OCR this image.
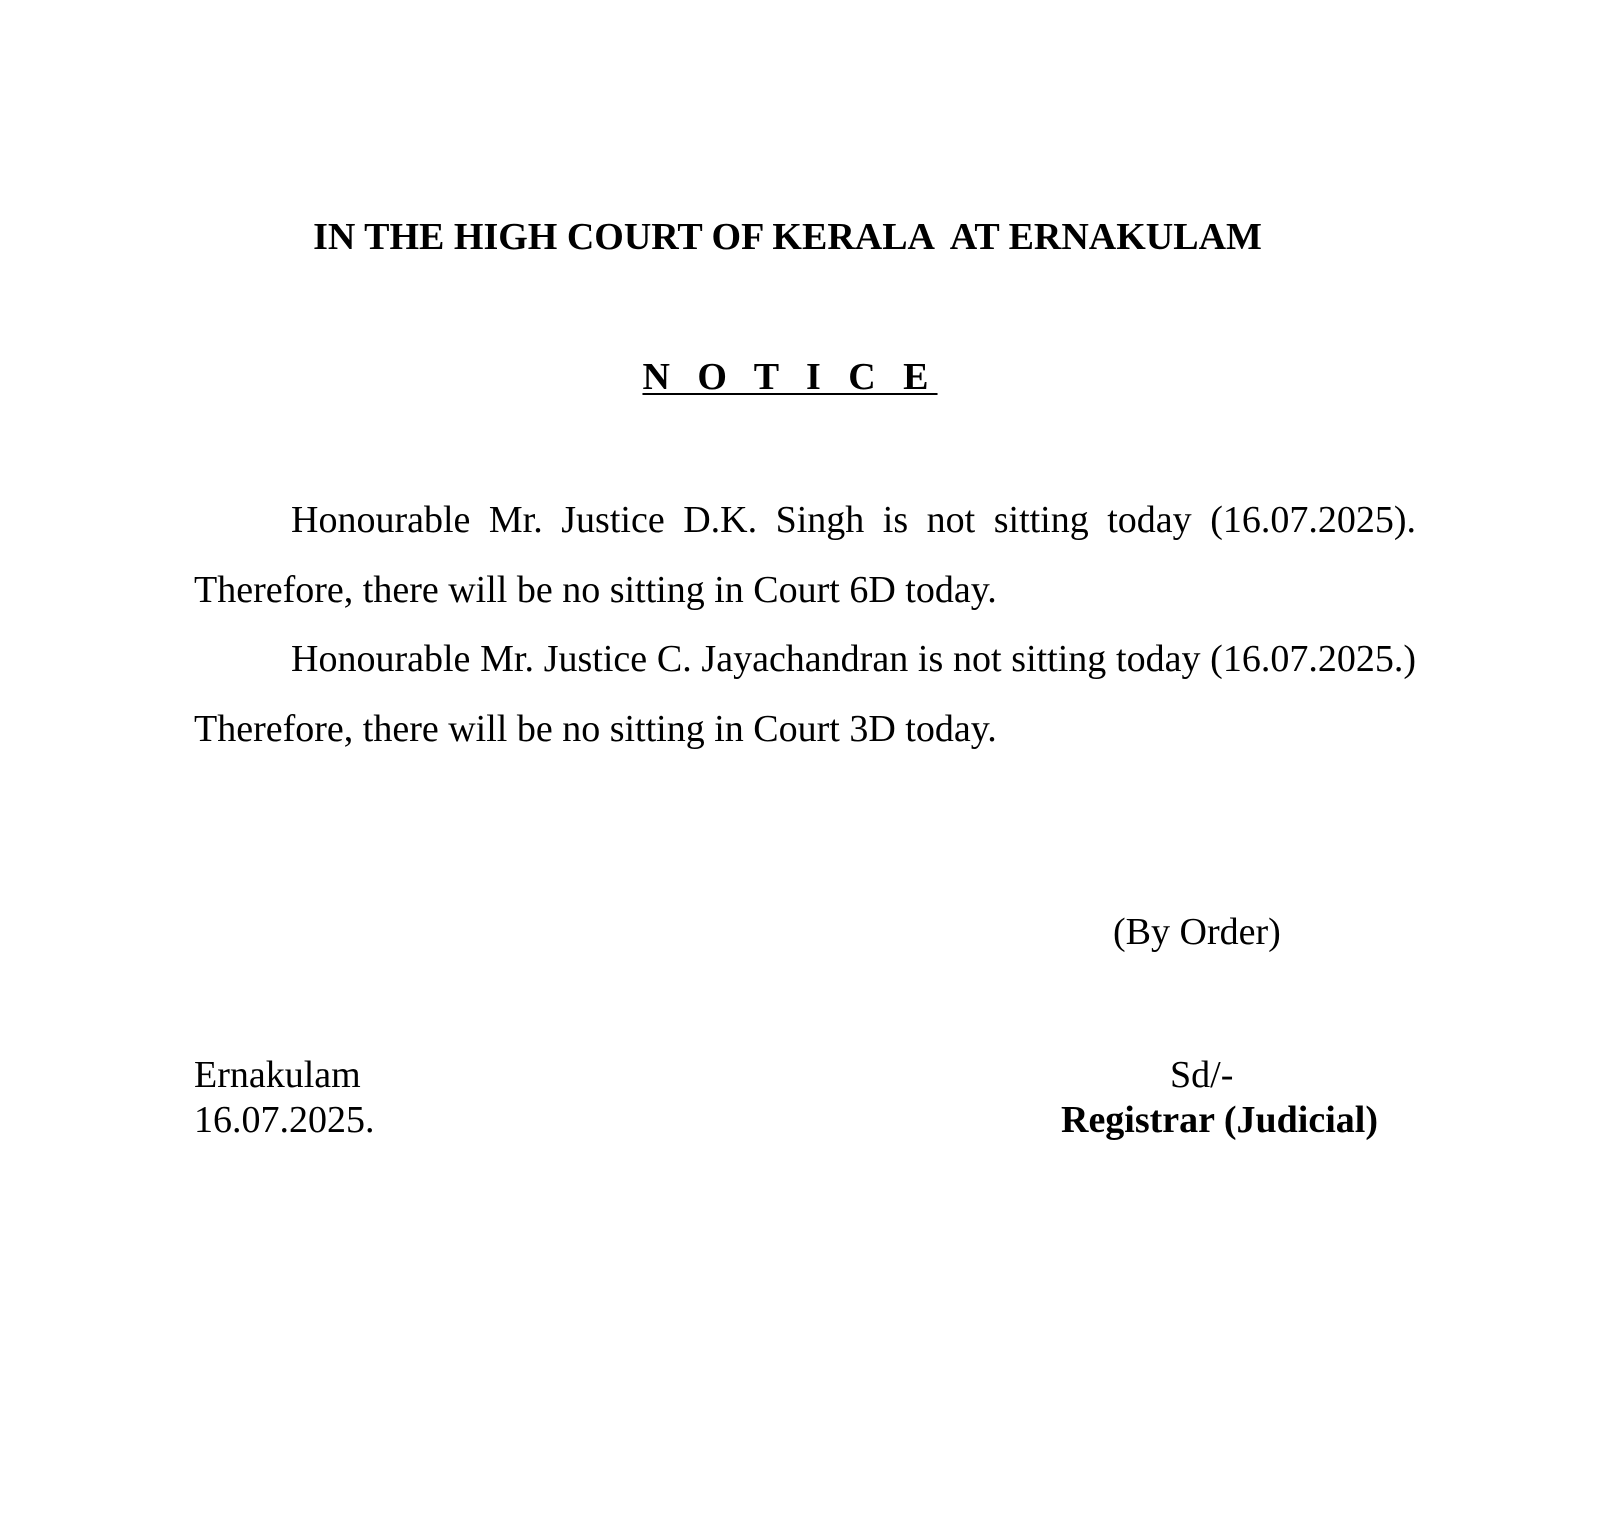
IN THE HIGH COURT OF KERALA  AT ERNAKULAM
N O T I C E

Honourable Mr. Justice D.K. Singh is not sitting today (16.07.2025). Therefore, there will be no sitting in Court 6D today.

Honourable Mr. Justice C. Jayachandran is not sitting today (16.07.2025.) Therefore, there will be no sitting in Court 3D today.

(By Order)
Ernakulam
16.07.2025.
Sd/-
Registrar (Judicial)
